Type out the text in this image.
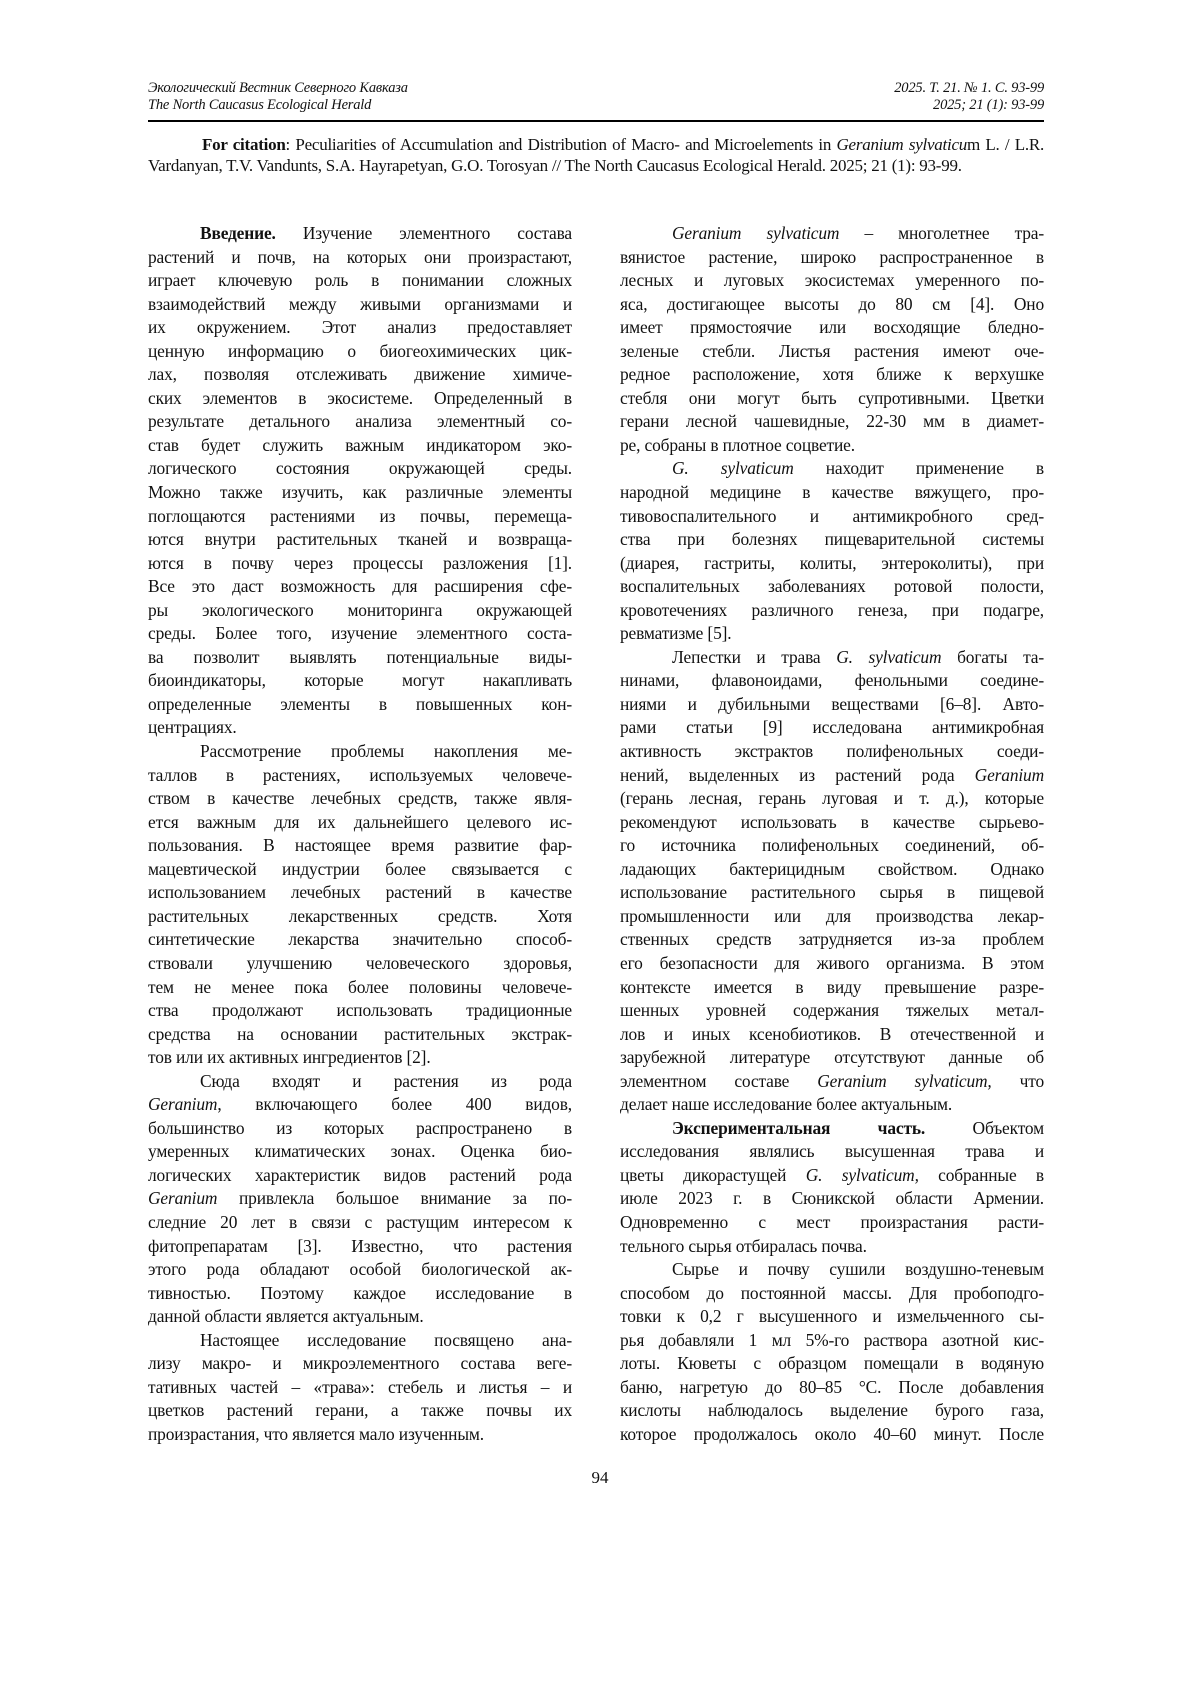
Экологический Вестник Северного Кавказа	2025. Т. 21. № 1. С. 93-99
The North Caucasus Ecological Herald	2025; 21 (1): 93-99
For citation: Peculiarities of Accumulation and Distribution of Macro- and Microelements in Geranium sylvaticum L. / L.R. Vardanyan, T.V. Vandunts, S.A. Hayrapetyan, G.O. Torosyan // The North Caucasus Ecological Herald. 2025; 21 (1): 93-99.
Введение. Изучение элементного состава
растений и почв, на которых они произрастают,
играет ключевую роль в понимании сложных
взаимодействий между живыми организмами и
их окружением. Этот анализ предоставляет
ценную информацию о биогеохимических цик-
лах, позволяя отслеживать движение химиче-
ских элементов в экосистеме. Определенный в
результате детального анализа элементный со-
став будет служить важным индикатором эко-
логического состояния окружающей среды.
Можно также изучить, как различные элементы
поглощаются растениями из почвы, перемеща-
ются внутри растительных тканей и возвраща-
ются в почву через процессы разложения [1].
Все это даст возможность для расширения сфе-
ры экологического мониторинга окружающей
среды. Более того, изучение элементного соста-
ва позволит выявлять потенциальные виды-
биоиндикаторы, которые могут накапливать
определенные элементы в повышенных кон-
центрациях.
Рассмотрение проблемы накопления ме-
таллов в растениях, используемых человече-
ством в качестве лечебных средств, также явля-
ется важным для их дальнейшего целевого ис-
пользования. В настоящее время развитие фар-
мацевтической индустрии более связывается с
использованием лечебных растений в качестве
растительных лекарственных средств. Хотя
синтетические лекарства значительно способ-
ствовали улучшению человеческого здоровья,
тем не менее пока более половины человече-
ства продолжают использовать традиционные
средства на основании растительных экстрак-
тов или их активных ингредиентов [2].
Сюда входят и растения из рода
Geranium, включающего более 400 видов,
большинство из которых распространено в
умеренных климатических зонах. Оценка био-
логических характеристик видов растений рода
Geranium привлекла большое внимание за по-
следние 20 лет в связи с растущим интересом к
фитопрепаратам [3]. Известно, что растения
этого рода обладают особой биологической ак-
тивностью. Поэтому каждое исследование в
данной области является актуальным.
Настоящее исследование посвящено ана-
лизу макро- и микроэлементного состава веге-
тативных частей – «трава»: стебель и листья – и
цветков растений герани, а также почвы их
произрастания, что является мало изученным.
Geranium sylvaticum – многолетнее тра-
вянистое растение, широко распространенное в
лесных и луговых экосистемах умеренного по-
яса, достигающее высоты до 80 см [4]. Оно
имеет прямостоячие или восходящие бледно-
зеленые стебли. Листья растения имеют оче-
редное расположение, хотя ближе к верхушке
стебля они могут быть супротивными. Цветки
герани лесной чашевидные, 22-30 мм в диамет-
ре, собраны в плотное соцветие.
G. sylvaticum находит применение в
народной медицине в качестве вяжущего, про-
тивовоспалительного и антимикробного сред-
ства при болезнях пищеварительной системы
(диарея, гастриты, колиты, энтероколиты), при
воспалительных заболеваниях ротовой полости,
кровотечениях различного генеза, при подагре,
ревматизме [5].
Лепестки и трава G. sylvaticum богаты та-
нинами, флавоноидами, фенольными соедине-
ниями и дубильными веществами [6–8]. Авто-
рами статьи [9] исследована антимикробная
активность экстрактов полифенольных соеди-
нений, выделенных из растений рода Geranium
(герань лесная, герань луговая и т. д.), которые
рекомендуют использовать в качестве сырьево-
го источника полифенольных соединений, об-
ладающих бактерицидным свойством. Однако
использование растительного сырья в пищевой
промышленности или для производства лекар-
ственных средств затрудняется из-за проблем
его безопасности для живого организма. В этом
контексте имеется в виду превышение разре-
шенных уровней содержания тяжелых метал-
лов и иных ксенобиотиков. В отечественной и
зарубежной литературе отсутствуют данные об
элементном составе Geranium sylvaticum, что
делает наше исследование более актуальным.
Экспериментальная часть. Объектом
исследования являлись высушенная трава и
цветы дикорастущей G. sylvaticum, собранные в
июле 2023 г. в Сюникской области Армении.
Одновременно с мест произрастания расти-
тельного сырья отбиралась почва.
Сырье и почву сушили воздушно-теневым
способом до постоянной массы. Для пробоподго-
товки к 0,2 г высушенного и измельченного сы-
рья добавляли 1 мл 5%-го раствора азотной кис-
лоты. Кюветы с образцом помещали в водяную
баню, нагретую до 80–85 °C. После добавления
кислоты наблюдалось выделение бурого газа,
которое продолжалось около 40–60 минут. После
94
